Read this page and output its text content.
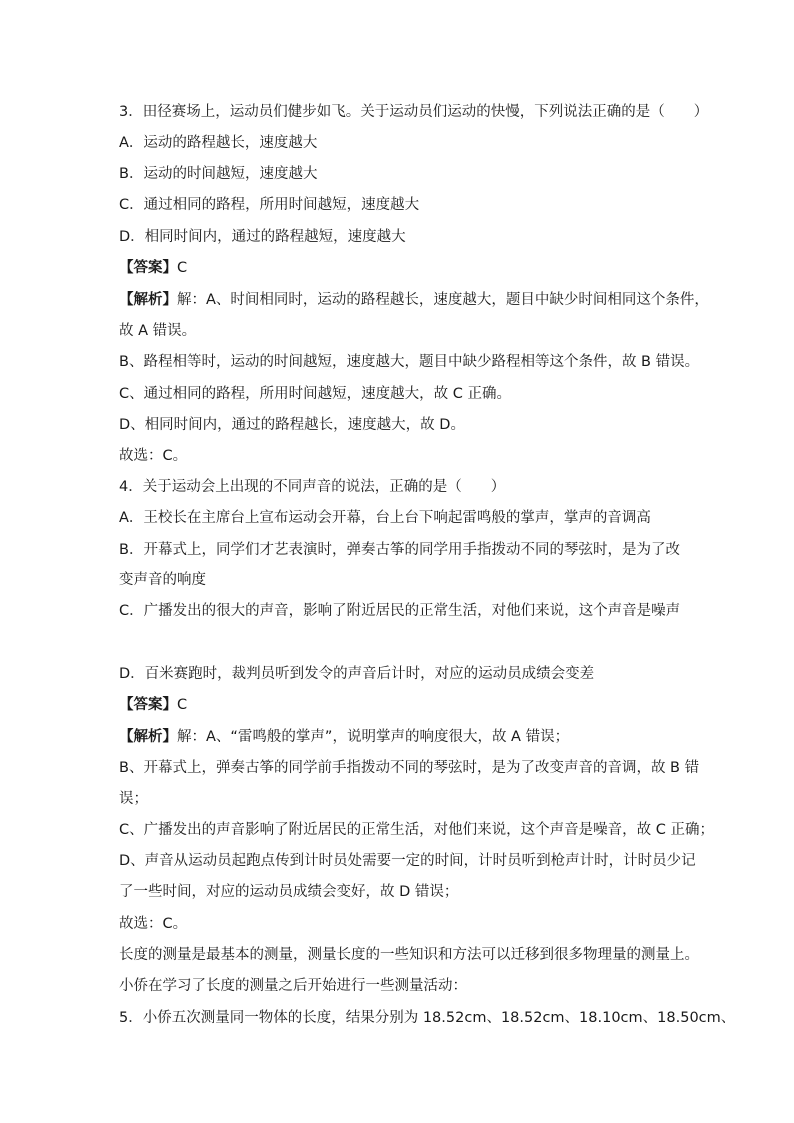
3．田径赛场上，运动员们健步如飞。关于运动员们运动的快慢，下列说法正确的是（　　）
A．运动的路程越长，速度越大
B．运动的时间越短，速度越大
C．通过相同的路程，所用时间越短，速度越大
D．相同时间内，通过的路程越短，速度越大
【答案】C
【解析】解：A、时间相同时，运动的路程越长，速度越大，题目中缺少时间相同这个条件，
故 A 错误。
B、路程相等时，运动的时间越短，速度越大，题目中缺少路程相等这个条件，故 B 错误。
C、通过相同的路程，所用时间越短，速度越大，故 C 正确。
D、相同时间内，通过的路程越长，速度越大，故 D。
故选：C。
4．关于运动会上出现的不同声音的说法，正确的是（　　）
A．王校长在主席台上宣布运动会开幕，台上台下响起雷鸣般的掌声，掌声的音调高
B．开幕式上，同学们才艺表演时，弹奏古筝的同学用手指拨动不同的琴弦时，是为了改
变声音的响度
C．广播发出的很大的声音，影响了附近居民的正常生活，对他们来说，这个声音是噪声
D．百米赛跑时，裁判员听到发令的声音后计时，对应的运动员成绩会变差
【答案】C
【解析】解：A、“雷鸣般的掌声”，说明掌声的响度很大，故 A 错误；
B、开幕式上，弹奏古筝的同学前手指拨动不同的琴弦时，是为了改变声音的音调，故 B 错
误；
C、广播发出的声音影响了附近居民的正常生活，对他们来说，这个声音是噪音，故 C 正确；
D、声音从运动员起跑点传到计时员处需要一定的时间，计时员听到枪声计时，计时员少记
了一些时间，对应的运动员成绩会变好，故 D 错误；
故选：C。
长度的测量是最基本的测量，测量长度的一些知识和方法可以迁移到很多物理量的测量上。
小侨在学习了长度的测量之后开始进行一些测量活动：
5．小侨五次测量同一物体的长度，结果分别为 18.52cm、18.52cm、18.10cm、18.50cm、
